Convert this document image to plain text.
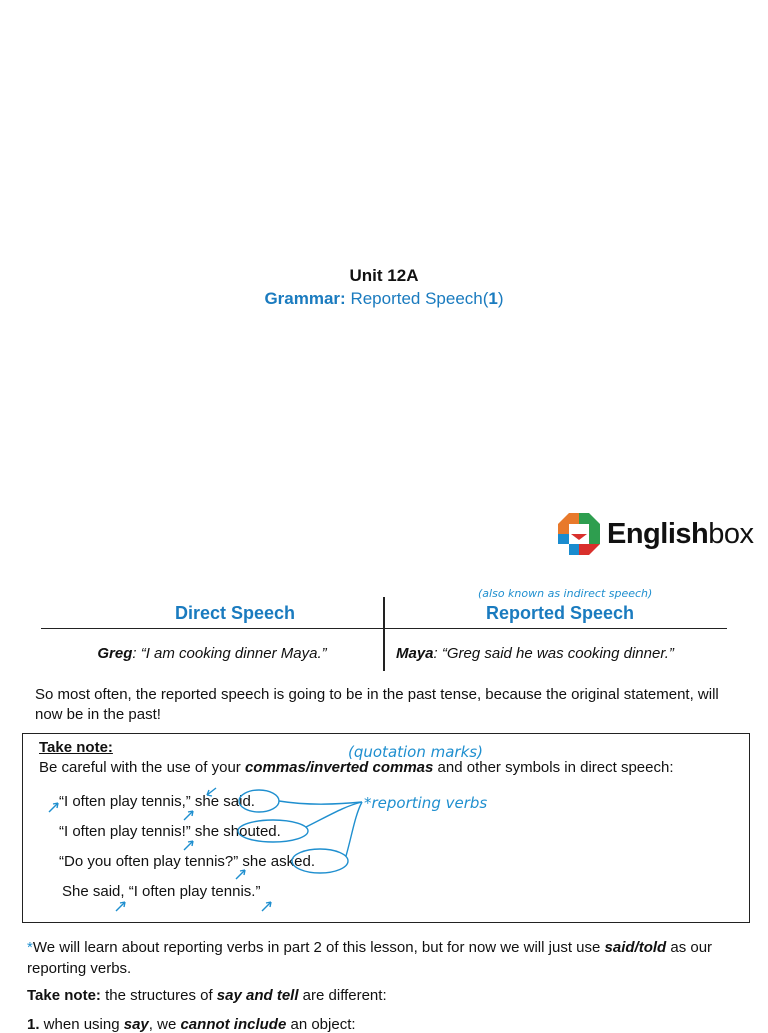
Unit 12A
Grammar: Reported Speech(1)
Englishbox
(also known as indirect speech)
Direct Speech	Reported Speech
Greg: “I am cooking dinner Maya.”	Maya: “Greg said he was cooking dinner.”
So most often, the reported speech is going to be in the past tense, because the original statement, will now be in the past!
Take note:
Be careful with the use of your commas/inverted commas and other symbols in direct speech:
(quotation marks)
“I often play tennis,” she said.
“I often play tennis!” she shouted.
“Do you often play tennis?” she asked.
She said, “I often play tennis.”
*reporting verbs
*We will learn about reporting verbs in part 2 of this lesson, but for now we will just use said/told as our reporting verbs.
Take note: the structures of say and tell are different:
1. when using say, we cannot include an object:
